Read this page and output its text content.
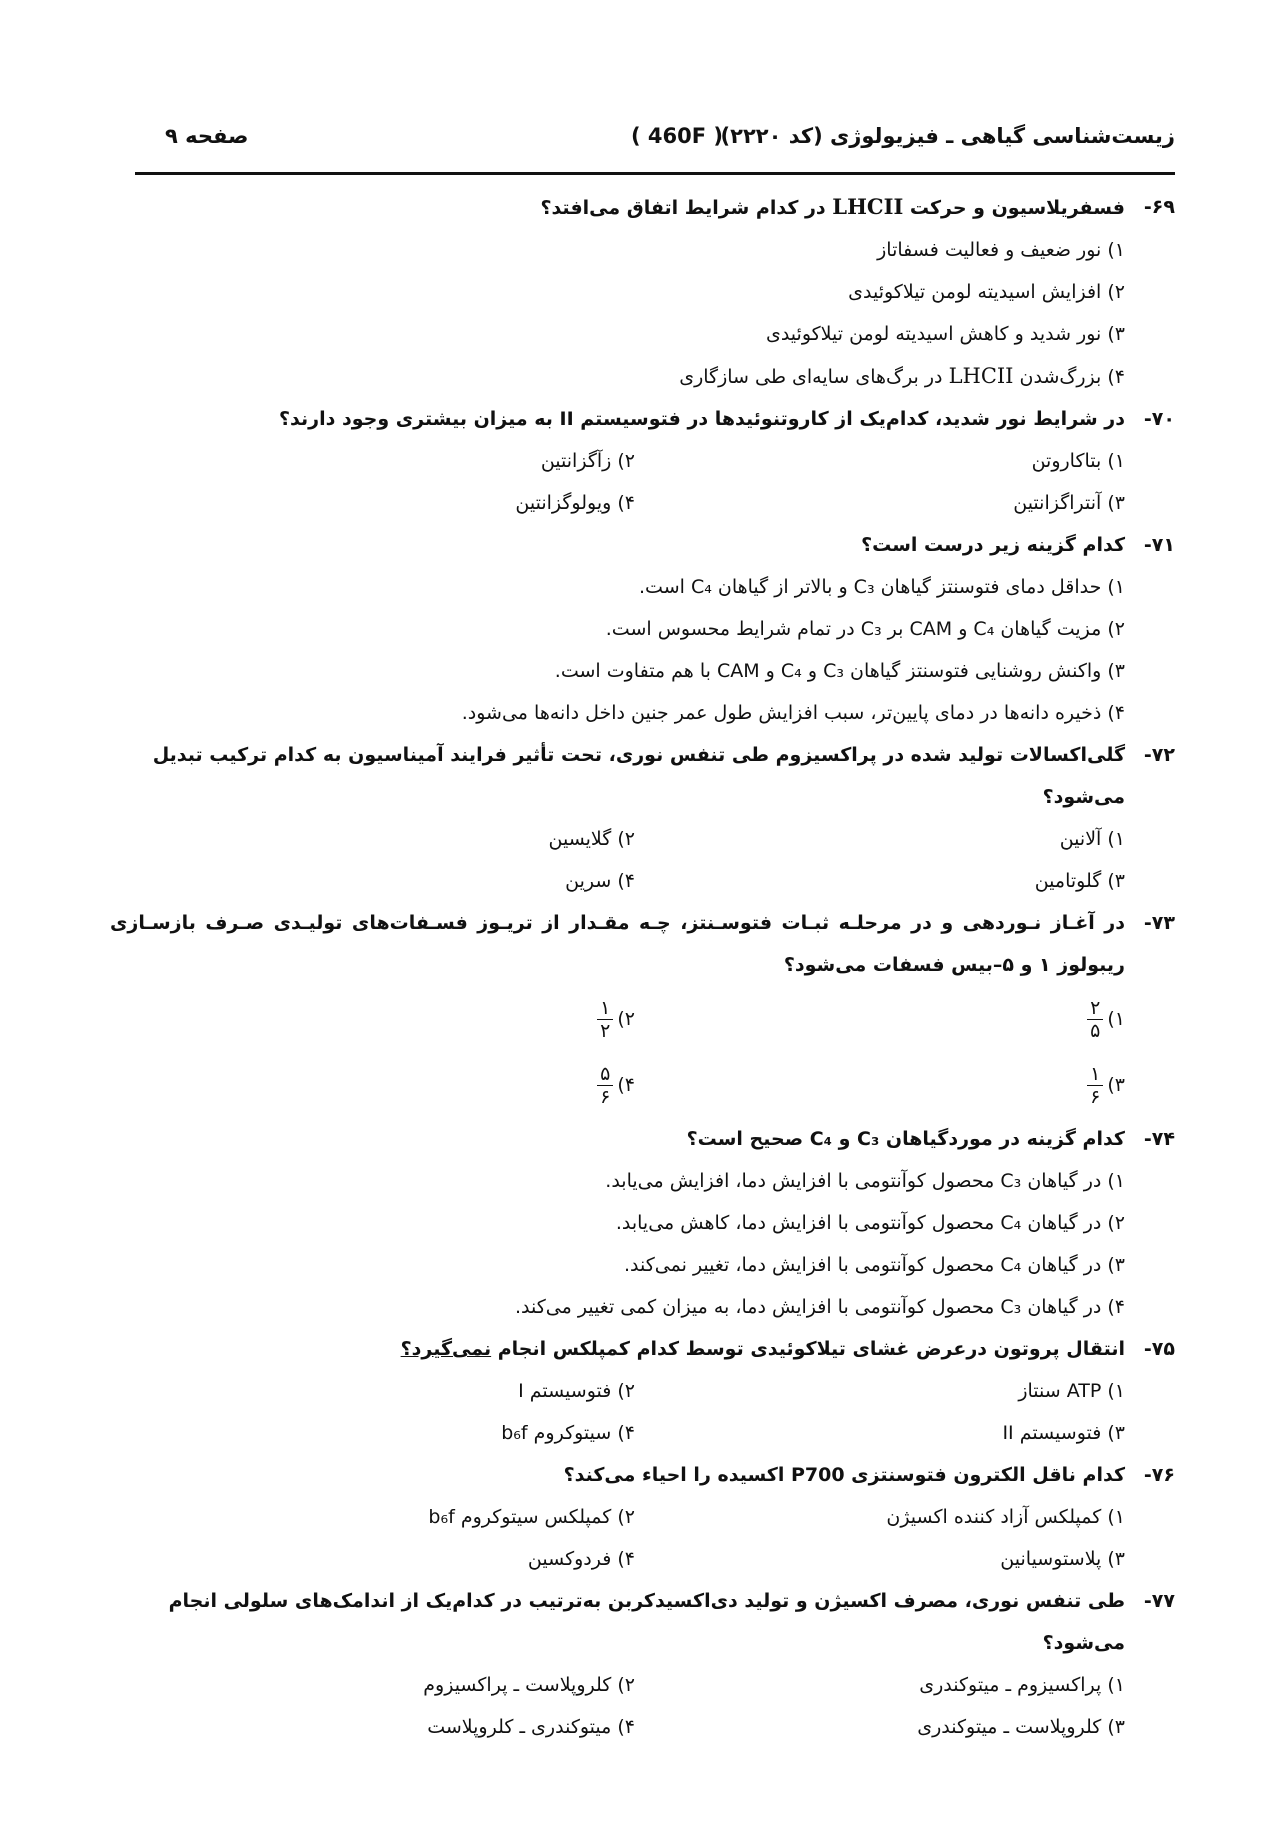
زیست‌شناسی گیاهی ـ فیزیولوژی (کد ۲۲۲۰)
( 460F )
صفحه ۹
۶۹-
فسفریلاسیون و حرکت LHCII در کدام شرایط اتفاق می‌افتد؟
۱) نور ضعیف و فعالیت فسفاتاز
۲) افزایش اسیدیته لومن تیلاکوئیدی
۳) نور شدید و کاهش اسیدیته لومن تیلاکوئیدی
۴) بزرگ‌شدن LHCII در برگ‌های سایه‌ای طی سازگاری
۷۰-
در شرایط نور شدید، کدام‌یک از کاروتنوئیدها در فتوسیستم II به میزان بیشتری وجود دارند؟
۱) بتاکاروتن
۲) زآگزانتین
۳) آنتراگزانتین
۴) ویولوگزانتین
۷۱-
کدام گزینه زیر درست است؟
۱) حداقل دمای فتوسنتز گیاهان C₃ و بالاتر از گیاهان C₄ است.
۲) مزیت گیاهان C₄ و CAM بر C₃ در تمام شرایط محسوس است.
۳) واکنش روشنایی فتوسنتز گیاهان C₃ و C₄ و CAM با هم متفاوت است.
۴) ذخیره دانه‌ها در دمای پایین‌تر، سبب افزایش طول عمر جنین داخل دانه‌ها می‌شود.
۷۲-
گلی‌اکسالات تولید شده در پراکسیزوم طی تنفس نوری، تحت تأثیر فرایند آمیناسیون به کدام ترکیب تبدیل می‌شود؟
۱) آلانین
۲) گلایسین
۳) گلوتامین
۴) سرین
۷۳-
در آغـاز نـوردهی و در مرحلـه ثبـات فتوسـنتز، چـه مقـدار از تریـوز فسـفات‌های تولیـدی صـرف بازسـازی ریبولوز ۱ و ۵–بیس فسفات می‌شود؟
۱)
$\frac{۲}{۵}$
۲)
$\frac{۱}{۲}$
۳)
$\frac{۱}{۶}$
۴)
$\frac{۵}{۶}$
۷۴-
کدام گزینه در موردگیاهان C₃ و C₄ صحیح است؟
۱) در گیاهان C₃ محصول کوآنتومی با افزایش دما، افزایش می‌یابد.
۲) در گیاهان C₄ محصول کوآنتومی با افزایش دما، کاهش می‌یابد.
۳) در گیاهان C₄ محصول کوآنتومی با افزایش دما، تغییر نمی‌کند.
۴) در گیاهان C₃ محصول کوآنتومی با افزایش دما، به میزان کمی تغییر می‌کند.
۷۵-
انتقال پروتون درعرض غشای تیلاکوئیدی توسط کدام کمپلکس انجام نمی‌گیرد؟
۱) ATP سنتاز
۲) فتوسیستم I
۳) فتوسیستم II
۴) سیتوکروم b₆f
۷۶-
کدام ناقل الکترون فتوسنتزی P700 اکسیده را احیاء می‌کند؟
۱) کمپلکس آزاد کننده اکسیژن
۲) کمپلکس سیتوکروم b₆f
۳) پلاستوسیانین
۴) فردوکسین
۷۷-
طی تنفس نوری، مصرف اکسیژن و تولید دی‌اکسیدکربن به‌ترتیب در کدام‌یک از اندامک‌های سلولی انجام می‌شود؟
۱) پراکسیزوم ـ میتوکندری
۲) کلروپلاست ـ پراکسیزوم
۳) کلروپلاست ـ میتوکندری
۴) میتوکندری ـ کلروپلاست
